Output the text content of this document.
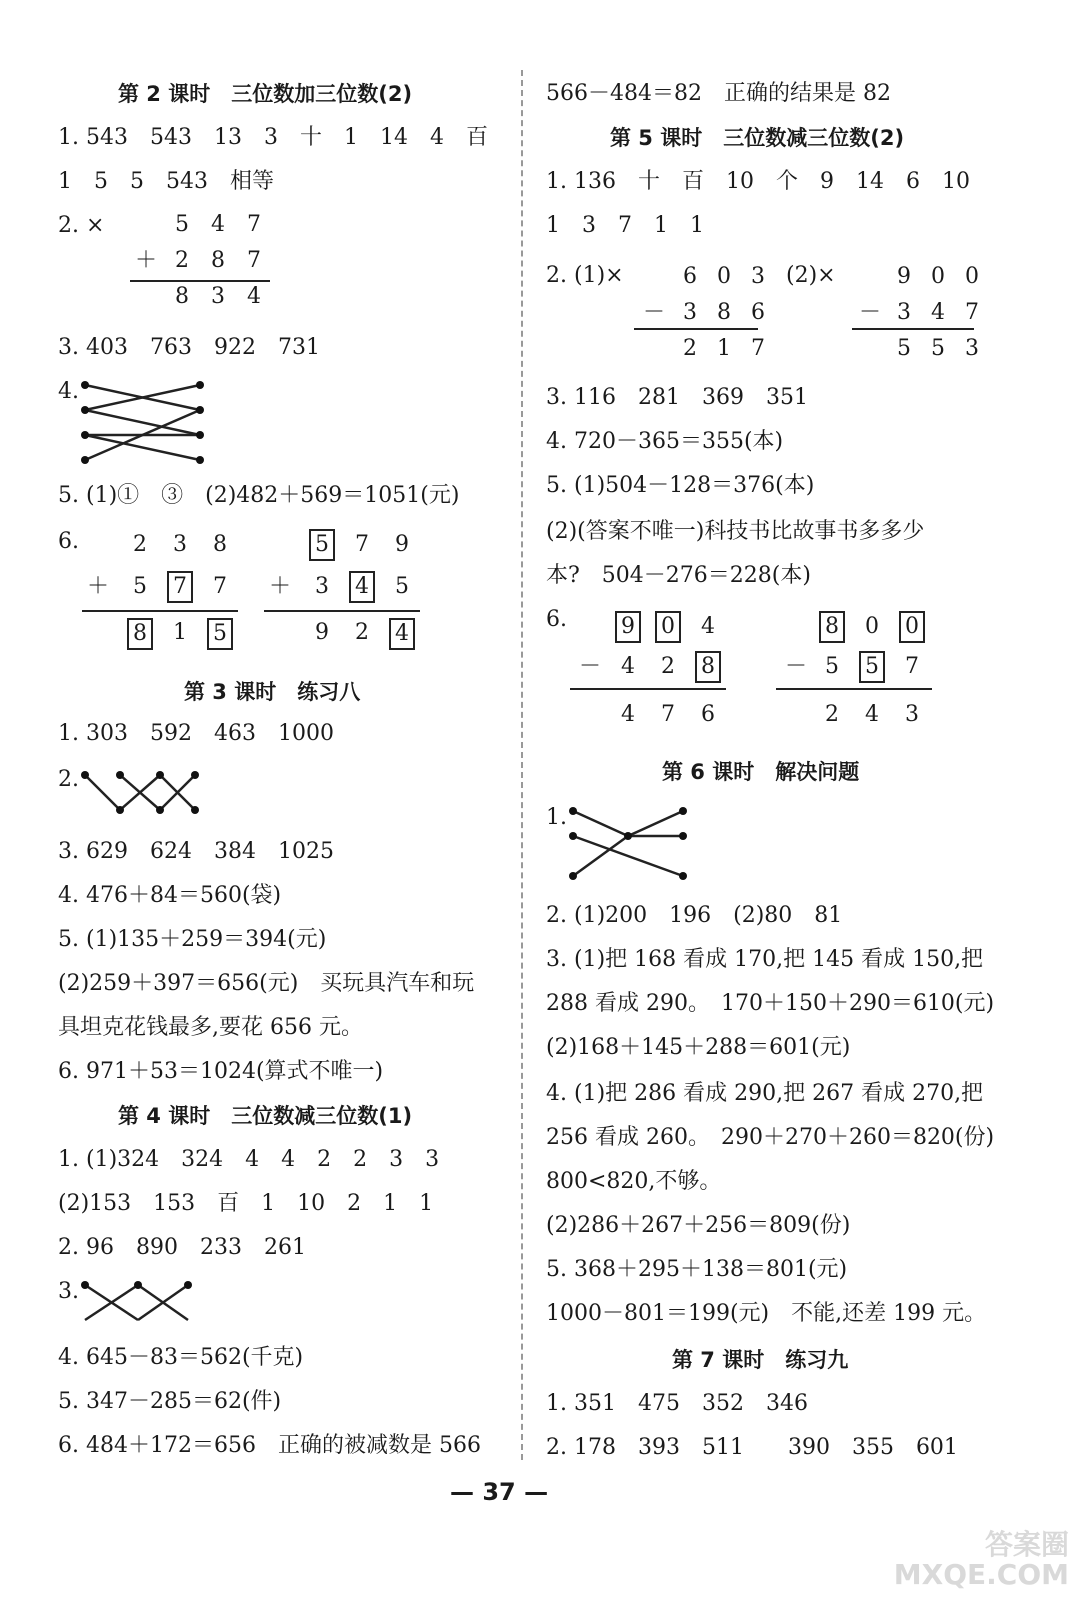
第 2 课时　三位数加三位数(2)
1. 543　543　13　3　十　1　14　4　百
1　5　5　543　相等
2. ×	5 4 7
＋ 2 8 7
8 3 4
3. 403　763　922　731
4.
5. (1)①　③　(2)482＋569＝1051(元)
6. 2 3 8
＋ 5 7 7
8 1 5
5 7 9
＋ 3 4 5
9 2 4
第 3 课时　练习八
1. 303　592　463　1000
2.
3. 629　624　384　1025
4. 476＋84＝560(袋)
5. (1)135＋259＝394(元)
(2)259＋397＝656(元)　买玩具汽车和玩
具坦克花钱最多,要花 656 元。
6. 971＋53＝1024(算式不唯一)
第 4 课时　三位数减三位数(1)
1. (1)324　324　4　4　2　2　3　3
(2)153　153　百　1　10　2　1　1
2. 96　890　233　261
3.
4. 645－83＝562(千克)
5. 347－285＝62(件)
6. 484＋172＝656　正确的被减数是 566
566－484＝82　正确的结果是 82
第 5 课时　三位数减三位数(2)
1. 136　十　百　10　个　9　14　6　10
1　3　7　1　1
2. (1)×	6 0 3
－ 3 8 6
2 1 7
(2)×	9 0 0
－ 3 4 7
5 5 3
3. 116　281　369　351
4. 720－365＝355(本)
5. (1)504－128＝376(本)
(2)(答案不唯一)科技书比故事书多多少
本?　504－276＝228(本)
6. 9 0 4
－ 4 2 8
4 7 6
8 0 0
－ 5 5 7
2 4 3
第 6 课时　解决问题
1.
2. (1)200　196　(2)80　81
3. (1)把 168 看成 170,把 145 看成 150,把
288 看成 290。　170＋150＋290＝610(元)
(2)168＋145＋288＝601(元)
4. (1)把 286 看成 290,把 267 看成 270,把
256 看成 260。　290＋270＋260＝820(份)
800<820,不够。
(2)286＋267＋256＝809(份)
5. 368＋295＋138＝801(元)
1000－801＝199(元)　不能,还差 199 元。
第 7 课时　练习九
1. 351　475　352　346
2. 178　393　511　　390　355　601
— 37 —
答案圈
MXQE.COM
